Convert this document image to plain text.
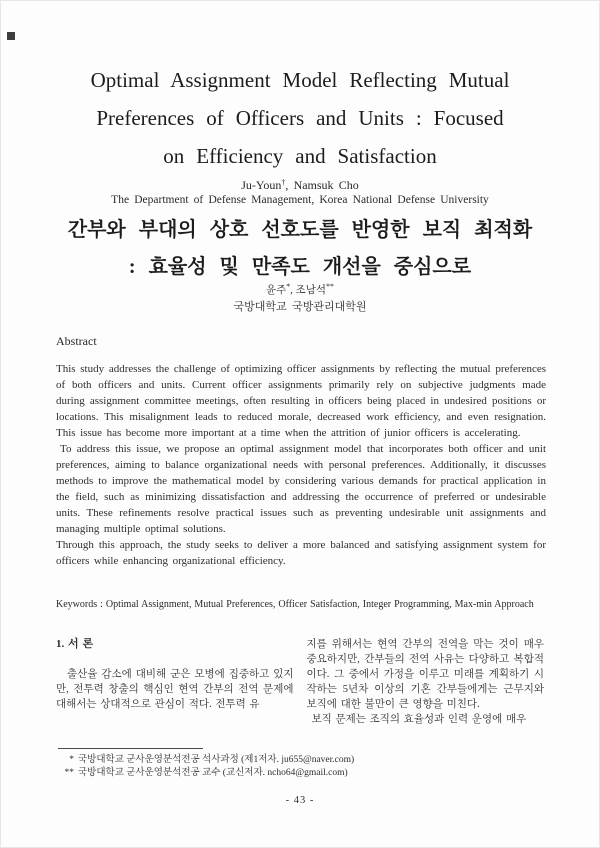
Optimal Assignment Model Reflecting Mutual
Preferences of Officers and Units : Focused
on Efficiency and Satisfaction
Ju-Youn†, Namsuk Cho
The Department of Defense Management, Korea National Defense University
간부와 부대의 상호 선호도를 반영한 보직 최적화
: 효율성 및 만족도 개선을 중심으로
윤주*, 조남석**
국방대학교 국방관리대학원
Abstract

This study addresses the challenge of optimizing officer assignments by reflecting the mutual preferences of both officers and units. Current officer assignments primarily rely on subjective judgments made during assignment committee meetings, often resulting in officers being placed in undesired positions or locations. This misalignment leads to reduced morale, decreased work efficiency, and even resignation. This issue has become more important at a time when the attrition of junior officers is accelerating.

To address this issue, we propose an optimal assignment model that incorporates both officer and unit preferences, aiming to balance organizational needs with personal preferences. Additionally, it discusses methods to improve the mathematical model by considering various demands for practical application in the field, such as minimizing dissatisfaction and addressing the occurrence of preferred or undesirable units. These refinements resolve practical issues such as preventing undesirable unit assignments and managing multiple optimal solutions.

Through this approach, the study seeks to deliver a more balanced and satisfying assignment system for officers while enhancing organizational efficiency.

Keywords : Optimal Assignment, Mutual Preferences, Officer Satisfaction, Integer Programming, Max-min Approach

1. 서 론

출산율 감소에 대비해 군은 모병에 집중하고 있지만, 전투력 창출의 핵심인 현역 간부의 전역 문제에 대해서는 상대적으로 관심이 적다. 전투력 유

지를 위해서는 현역 간부의 전역을 막는 것이 매우 중요하지만, 간부들의 전역 사유는 다양하고 복합적이다. 그 중에서 가정을 이루고 미래를 계획하기 시작하는 5년차 이상의 기혼 간부들에게는 근무지와 보직에 대한 불만이 큰 영향을 미친다.

보직 문제는 조직의 효율성과 인력 운영에 매우

* 국방대학교 군사운영분석전공 석사과정 (제1저자. ju655@naver.com)
** 국방대학교 군사운영분석전공 교수 (교신저자. ncho64@gmail.com)
- 43 -
